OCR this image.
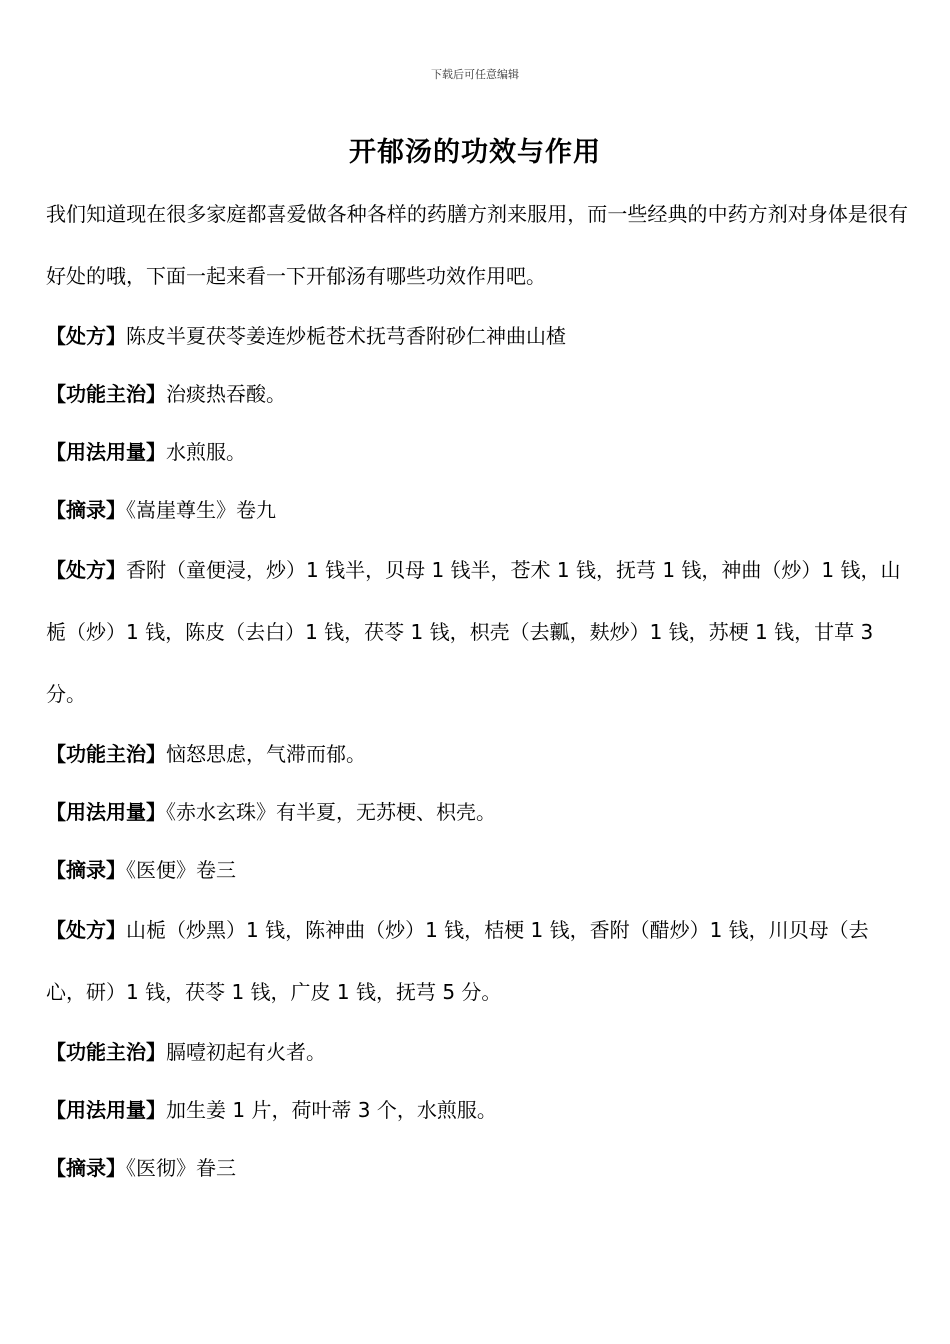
下载后可任意编辑
开郁汤的功效与作用

我们知道现在很多家庭都喜爱做各种各样的药膳方剂来服用，而一些经典的中药方剂对身体是很有好处的哦，下面一起来看一下开郁汤有哪些功效作用吧。

【处方】陈皮半夏茯苓姜连炒栀苍术抚芎香附砂仁神曲山楂

【功能主治】治痰热吞酸。

【用法用量】水煎服。

【摘录】《嵩崖尊生》卷九

【处方】香附（童便浸，炒）1 钱半，贝母 1 钱半，苍术 1 钱，抚芎 1 钱，神曲（炒）1 钱，山栀（炒）1 钱，陈皮（去白）1 钱，茯苓 1 钱，枳壳（去瓤，麸炒）1 钱，苏梗 1 钱，甘草 3 分。

【功能主治】恼怒思虑，气滞而郁。

【用法用量】《赤水玄珠》有半夏，无苏梗、枳壳。

【摘录】《医便》卷三

【处方】山栀（炒黑）1 钱，陈神曲（炒）1 钱，桔梗 1 钱，香附（醋炒）1 钱，川贝母（去心，研）1 钱，茯苓 1 钱，广皮 1 钱，抚芎 5 分。

【功能主治】膈噎初起有火者。

【用法用量】加生姜 1 片，荷叶蒂 3 个，水煎服。

【摘录】《医彻》眷三
